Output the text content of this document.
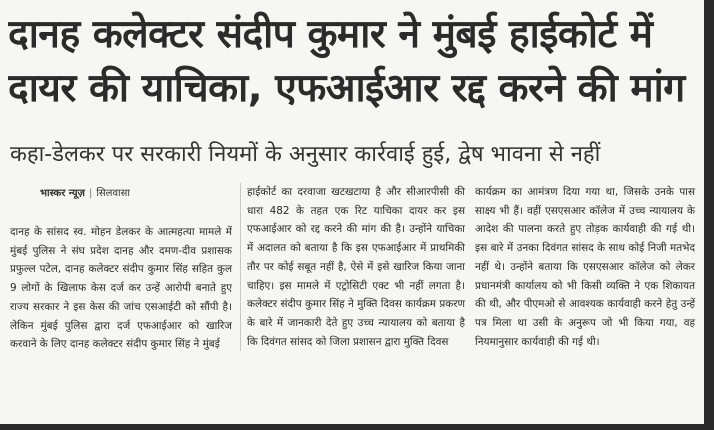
दानह कलेक्टर संदीप कुमार ने मुंबई हाईकोर्ट में
दायर की याचिका, एफआईआर रद्द करने की मांग
कहा-डेलकर पर सरकारी नियमों के अनुसार कार्रवाई हुई, द्वेष भावना से नहीं
भास्कर न्यूज़ | सिलवासा

दानह के सांसद स्व. मोहन डेलकर के आत्महत्या मामले में मुंबई पुलिस ने संघ प्रदेश दानह और दमण-दीव प्रशासक प्रफुल्ल पटेल, दानह कलेक्टर संदीप कुमार सिंह सहित कुल 9 लोगों के खिलाफ केस दर्ज कर उन्हें आरोपी बनाते हुए राज्य सरकार ने इस केस की जांच एसआईटी को सौंपी है। लेकिन मुंबई पुलिस द्वारा दर्ज एफआईआर को खारिज करवाने के लिए दानह कलेक्टर संदीप कुमार सिंह ने मुंबई

हाईकोर्ट का दरवाजा खटखटाया है और सीआरपीसी की धारा 482 के तहत एक रिट याचिका दायर कर इस एफआईआर को रद्द करने की मांग की है। उन्होंने याचिका में अदालत को बताया है कि इस एफआईआर में प्राथमिकी तौर पर कोई सबूत नहीं है, ऐसे में इसे खारिज किया जाना चाहिए। इस मामले में एट्रोसिटी एक्ट भी नहीं लगता है। कलेक्टर संदीप कुमार सिंह ने मुक्ति दिवस कार्यक्रम प्रकरण के बारे में जानकारी देते हुए उच्च न्यायालय को बताया है कि दिवंगत सांसद को जिला प्रशासन द्वारा मुक्ति दिवस

कार्यक्रम का आमंत्रण दिया गया था, जिसके उनके पास साक्ष्य भी हैं। वहीं एसएसआर कॉलेज में उच्च न्यायालय के आदेश की पालना करते हुए तोड़क कार्यवाही की गई थी। इस बारे में उनका दिवंगत सांसद के साथ कोई निजी मतभेद नहीं थे। उन्होंने बताया कि एसएसआर कॉलेज को लेकर प्रधानमंत्री कार्यालय को भी किसी व्यक्ति ने एक शिकायत की थी, और पीएमओ से आवश्यक कार्यवाही करने हेतु उन्हें पत्र मिला था उसी के अनुरूप जो भी किया गया, वह नियमानुसार कार्यवाही की गई थी।
